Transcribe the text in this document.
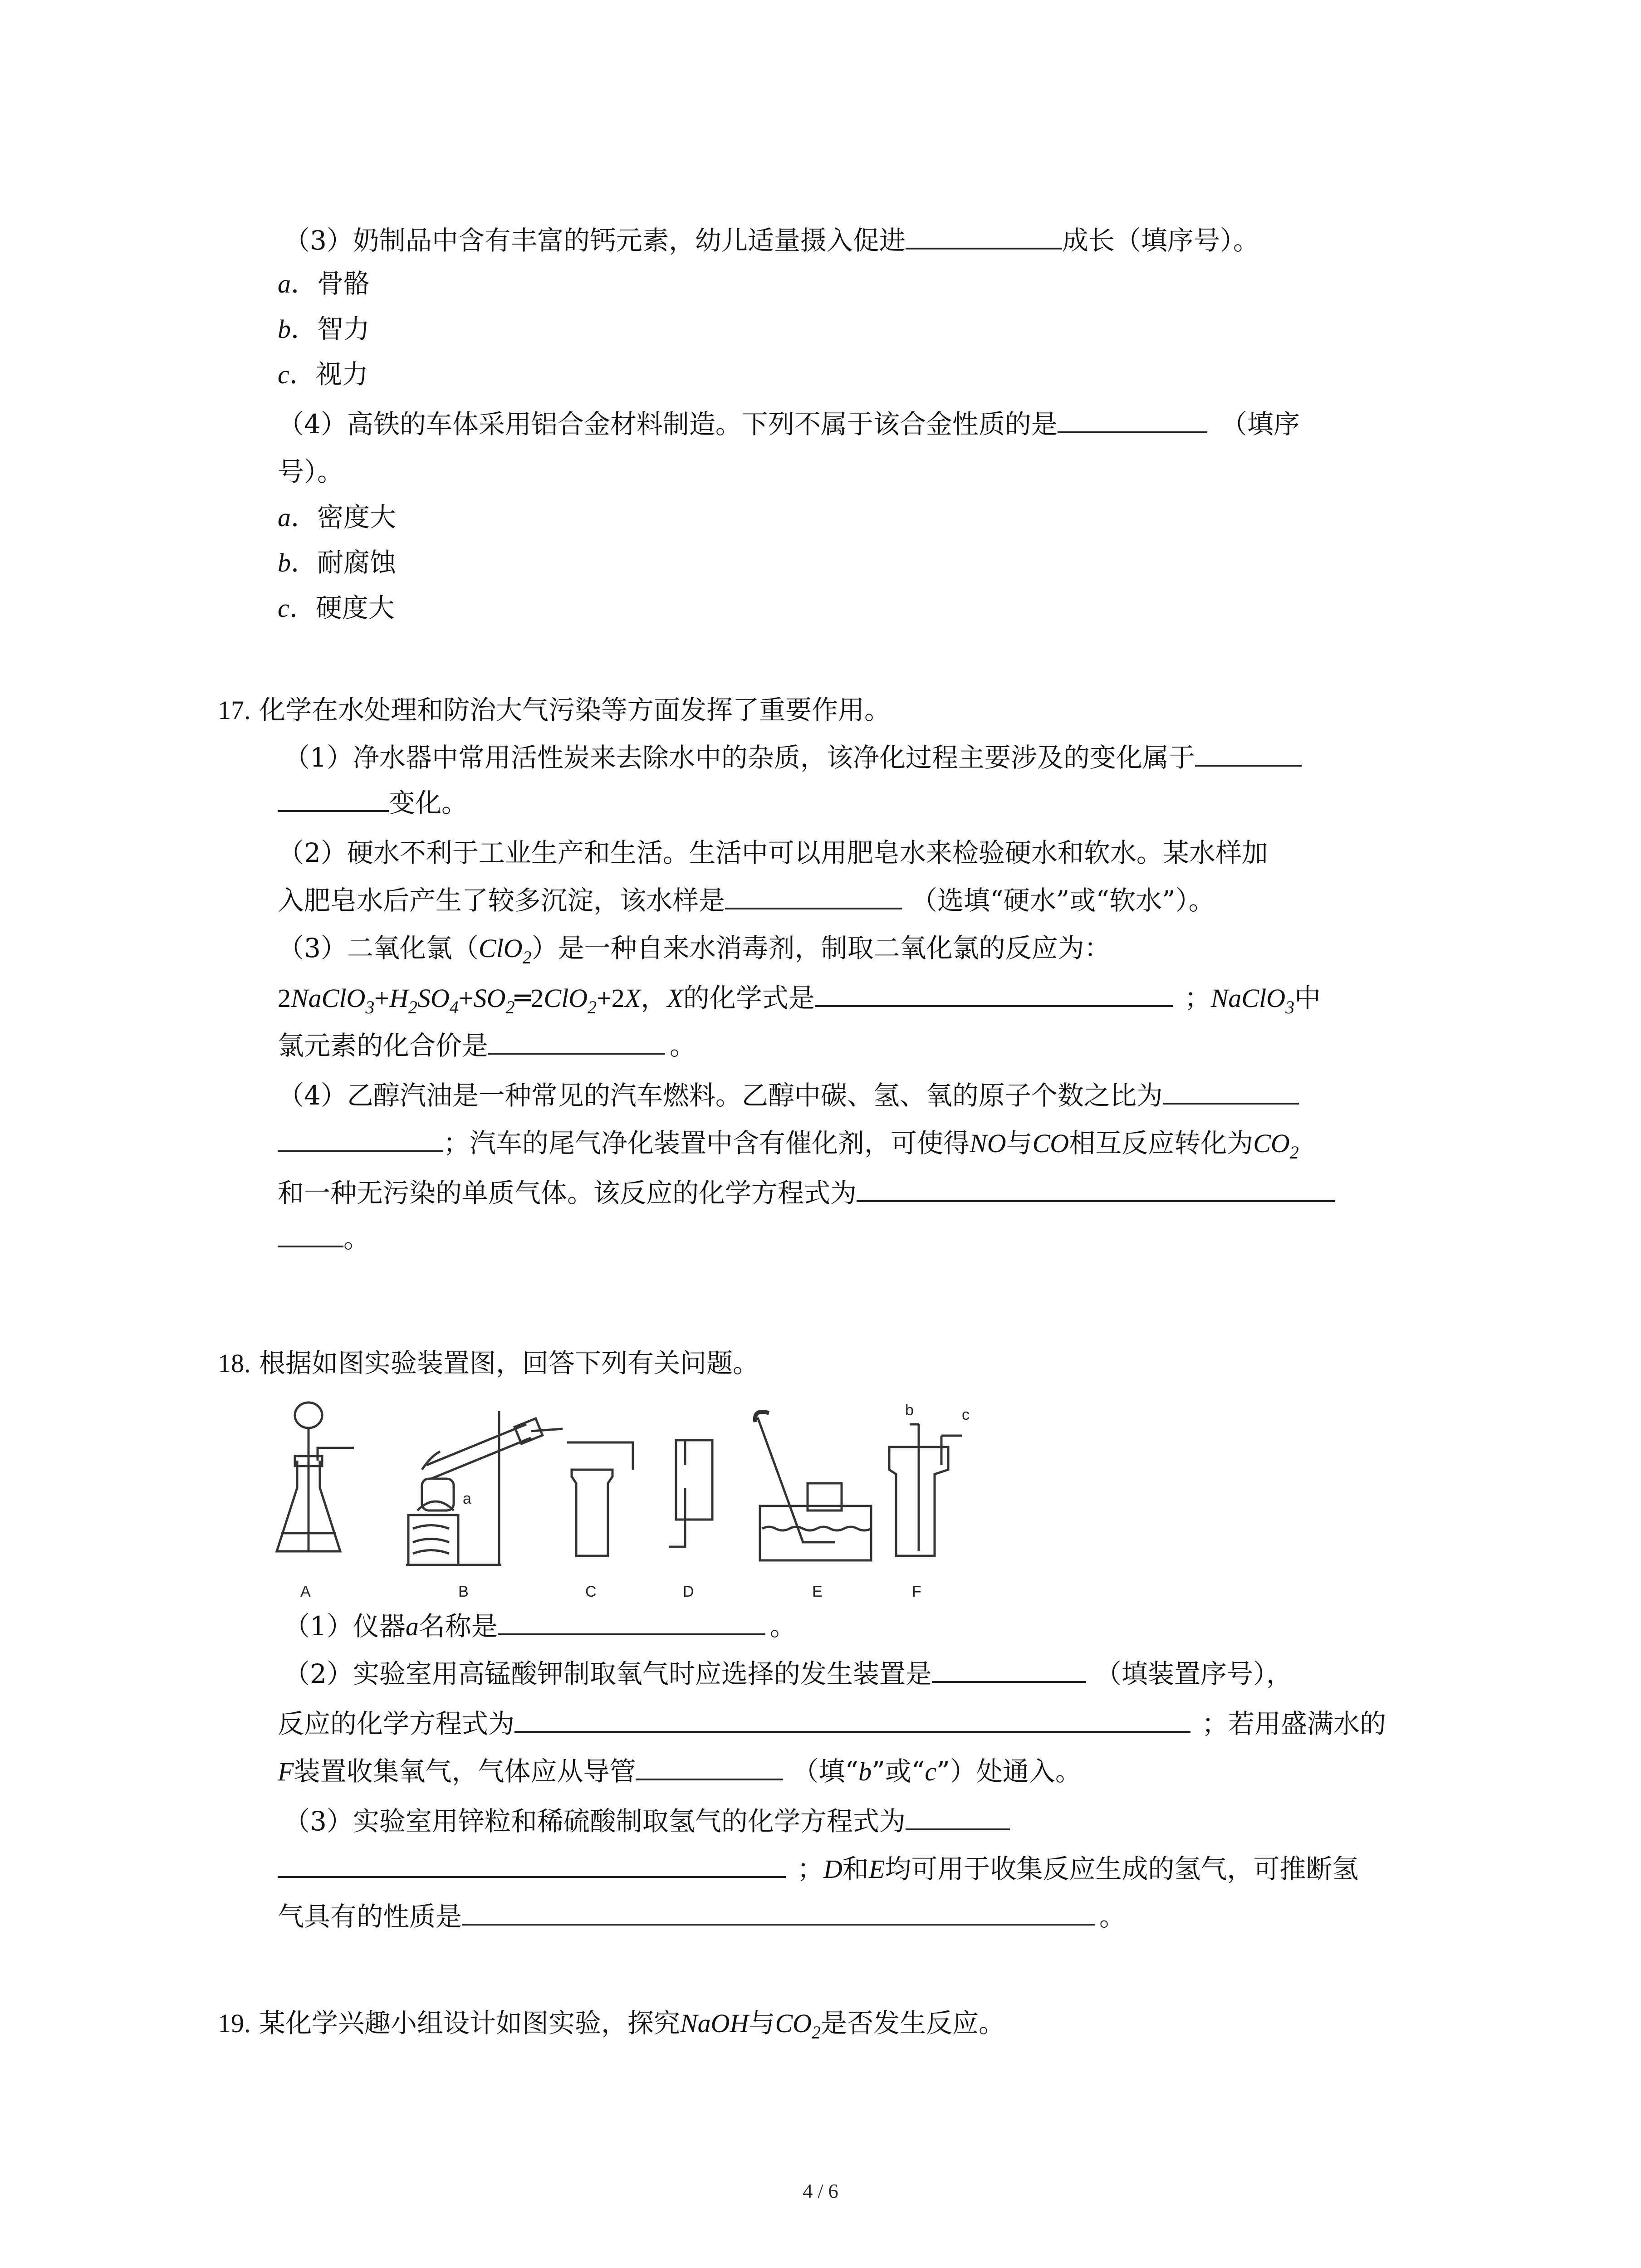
（3）奶制品中含有丰富的钙元素，幼儿适量摄入促进	成长（填序号）。
a．骨骼
b．智力
c．视力
（4）高铁的车体采用铝合金材料制造。下列不属于该合金性质的是	（填序
号）。
a．密度大
b．耐腐蚀
c．硬度大
17. 化学在水处理和防治大气污染等方面发挥了重要作用。
（1）净水器中常用活性炭来去除水中的杂质，该净化过程主要涉及的变化属于
变化。
（2）硬水不利于工业生产和生活。生活中可以用肥皂水来检验硬水和软水。某水样加
入肥皂水后产生了较多沉淀，该水样是	（选填“硬水”或“软水”）。
（3）二氧化氯（ClO$_2$）是一种自来水消毒剂，制取二氧化氯的反应为：
$2NaClO_3+H_2SO_4+SO_2═2ClO_2+2X$，X的化学式是	；NaClO$_3$中
氯元素的化合价是	。
（4）乙醇汽油是一种常见的汽车燃料。乙醇中碳、氢、氧的原子个数之比为
；汽车的尾气净化装置中含有催化剂，可使得NO与CO相互反应转化为$CO_2$
和一种无污染的单质气体。该反应的化学方程式为
。
18. 根据如图实验装置图，回答下列有关问题。
A	B	C	D	E	F
a
b	c
（1）仪器a名称是	。
（2）实验室用高锰酸钾制取氧气时应选择的发生装置是	（填装置序号），
反应的化学方程式为	；若用盛满水的
F装置收集氧气，气体应从导管	（填“b”或“c”）处通入。
（3）实验室用锌粒和稀硫酸制取氢气的化学方程式为
；D和E均可用于收集反应生成的氢气，可推断氢
气具有的性质是	。
19. 某化学兴趣小组设计如图实验，探究NaOH与$CO_2$是否发生反应。
4 / 6
